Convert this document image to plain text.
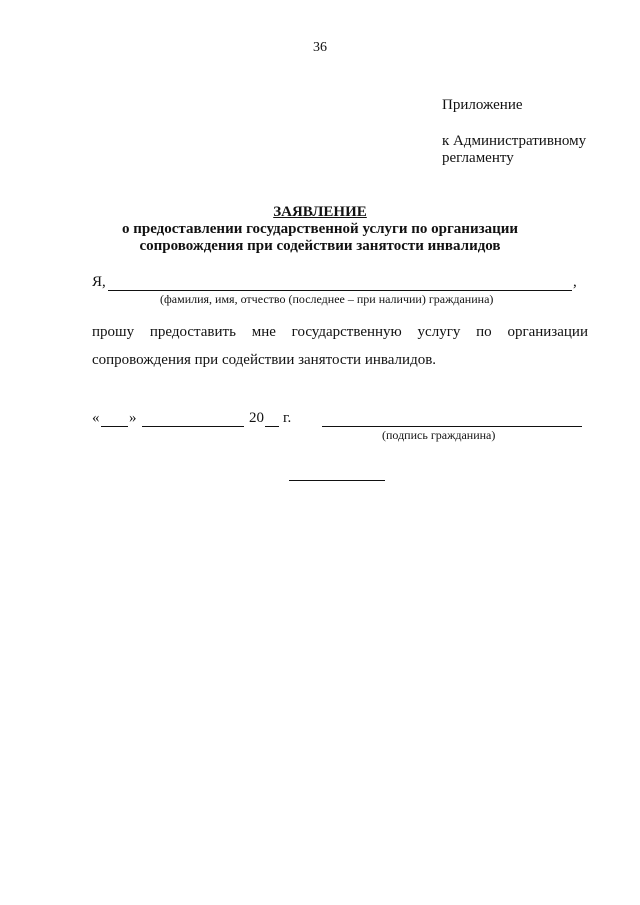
36
Приложение
к Административному
регламенту
ЗАЯВЛЕНИЕ
о предоставлении государственной услуги по организации
сопровождения при содействии занятости инвалидов
Я,	,
(фамилия, имя, отчество (последнее – при наличии) гражданина)
прошу предоставить мне государственную услугу по организации
сопровождения при содействии занятости инвалидов.
« »	20 г.
(подпись гражданина)
